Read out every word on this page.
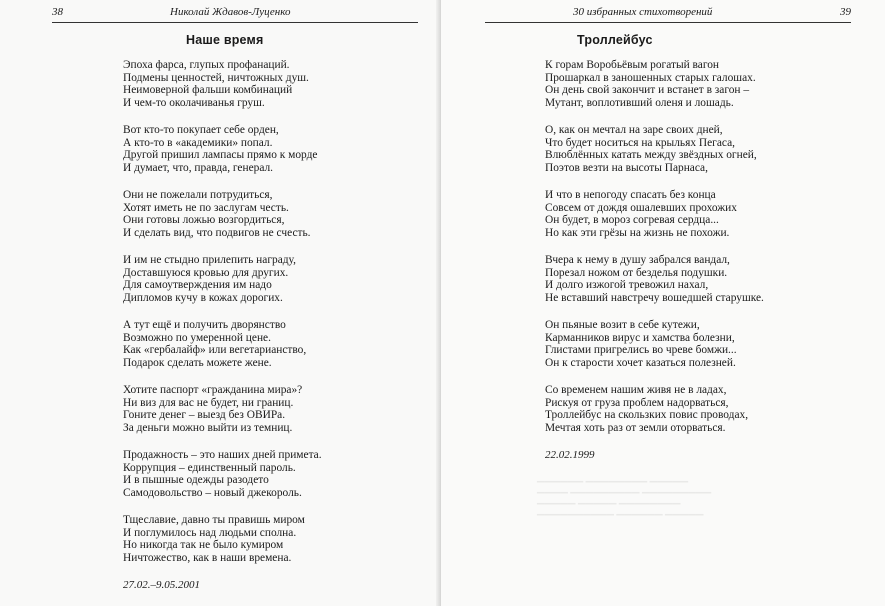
38	Николай Ждавов-Луценко
Наше время
Эпоха фарса, глупых профанаций.
Подмены ценностей, ничтожных душ.
Неимоверной фальши комбинаций
И чем-то околачиванья груш.
Вот кто-то покупает себе орден,
А кто-то в «академики» попал.
Другой пришил лампасы прямо к морде
И думает, что, правда, генерал.
Они не пожелали потрудиться,
Хотят иметь не по заслугам честь.
Они готовы ложью возгордиться,
И сделать вид, что подвигов не счесть.
И им не стыдно прилепить награду,
Доставшуюся кровью для других.
Для самоутверждения им надо
Дипломов кучу в кожах дорогих.
А тут ещё и получить дворянство
Возможно по умеренной цене.
Как «гербалайф» или вегетарианство,
Подарок сделать можете жене.
Хотите паспорт «гражданина мира»?
Ни виз для вас не будет, ни границ.
Гоните денег – выезд без ОВИРа.
За деньги можно выйти из темниц.
Продажность – это наших дней примета.
Коррупция – единственный пароль.
И в пышные одежды разодето
Самодовольство – новый джекороль.
Тщеславие, давно ты правишь миром
И поглумилось над людьми сполна.
Но никогда так не было кумиром
Ничтожество, как в наши времена.
27.02.–9.05.2001
30 избранных стихотворений	39
Троллейбус
К горам Воробьёвым рогатый вагон
Прошаркал в заношенных старых галошах.
Он день свой закончит и встанет в загон –
Мутант, воплотивший оленя и лошадь.
О, как он мечтал на заре своих дней,
Что будет носиться на крыльях Пегаса,
Влюблённых катать между звёздных огней,
Поэтов везти на высоты Парнаса,
И что в непогоду спасать без конца
Совсем от дождя ошалевших прохожих
Он будет, в мороз согревая сердца...
Но как эти грёзы на жизнь не похожи.
Вчера к нему в душу забрался вандал,
Порезал ножом от безделья подушки.
И долго изжогой тревожил нахал,
Не вставший навстречу вошедшей старушке.
Он пьяные возит в себе кутежи,
Карманников вирус и хамства болезни,
Глистами пригрелись во чреве бомжи...
Он к старости хочет казаться полезней.
Со временем нашим живя не в ладах,
Рискуя от груза проблем надорваться,
Троллейбус на скользких повис проводах,
Мечтая хоть раз от земли оторваться.
22.02.1999
▁▁▁▁▁▁ ▁▁▁▁▁▁▁▁ ▁▁▁▁▁
▁▁▁▁ ▁▁▁▁▁▁▁▁▁ ▁▁▁▁▁▁▁▁▁
▁▁▁▁▁ ▁▁▁▁▁ ▁▁▁▁▁▁▁▁
▁▁▁▁▁▁▁▁▁▁ ▁▁▁▁▁▁ ▁▁▁▁▁
